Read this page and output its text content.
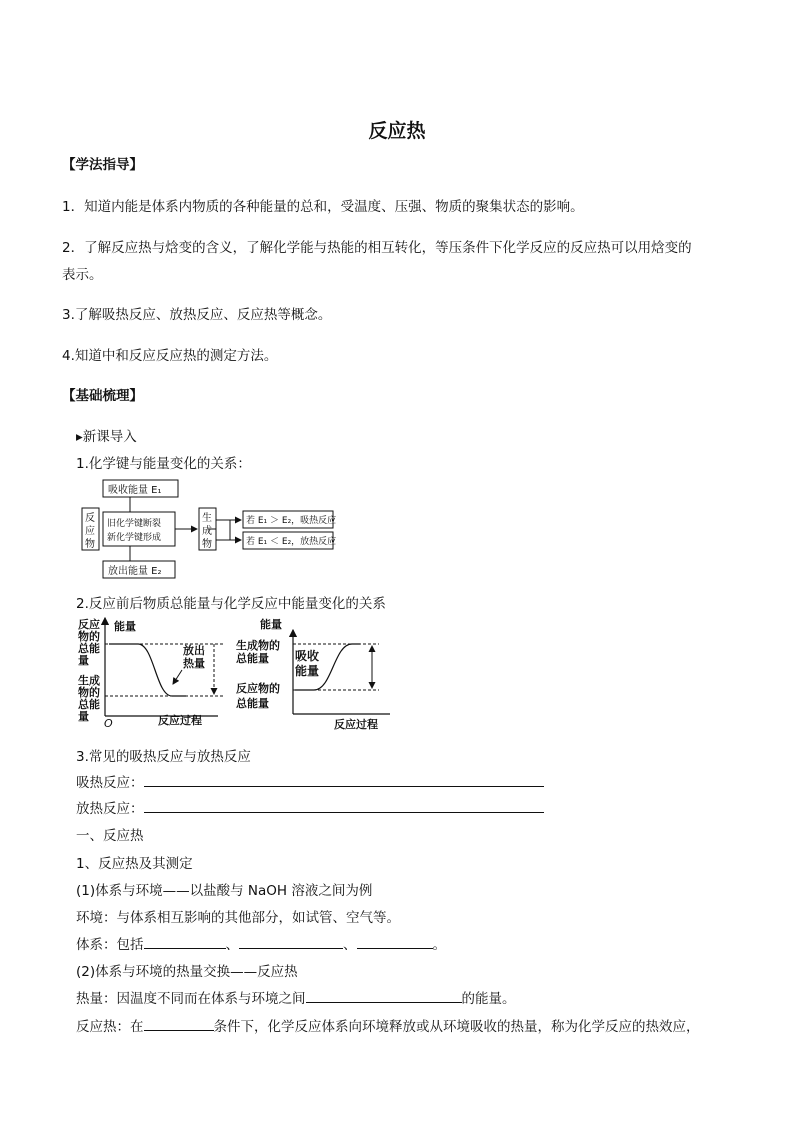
反应热
【学法指导】
1．知道内能是体系内物质的各种能量的总和，受温度、压强、物质的聚集状态的影响。
2．了解反应热与焓变的含义，了解化学能与热能的相互转化，等压条件下化学反应的反应热可以用焓变的
表示。
3.了解吸热反应、放热反应、反应热等概念。
4.知道中和反应反应热的测定方法。
【基础梳理】
▸新课导入
1.化学键与能量变化的关系：
吸收能量 E₁
反
应
物
旧化学键断裂
新化学键形成
生
成
物
若 E₁ ＞ E₂，吸热反应
若 E₁ ＜ E₂，放热反应
放出能量 E₂
2.反应前后物质总能量与化学反应中能量变化的关系
反应
物的
总能
量
生成
物的
总能
量
能量
O	反应过程
放出
热量
能量
生成物的
总能量
反应物的
总能量
反应过程
吸收
能量
3.常见的吸热反应与放热反应
吸热反应：
放热反应：
一、反应热
1、反应热及其测定
(1)体系与环境——以盐酸与 NaOH 溶液之间为例
环境：与体系相互影响的其他部分，如试管、空气等。
体系：包括	、	、	。
(2)体系与环境的热量交换——反应热
热量：因温度不同而在体系与环境之间	的能量。
反应热：在	条件下，化学反应体系向环境释放或从环境吸收的热量，称为化学反应的热效应，
